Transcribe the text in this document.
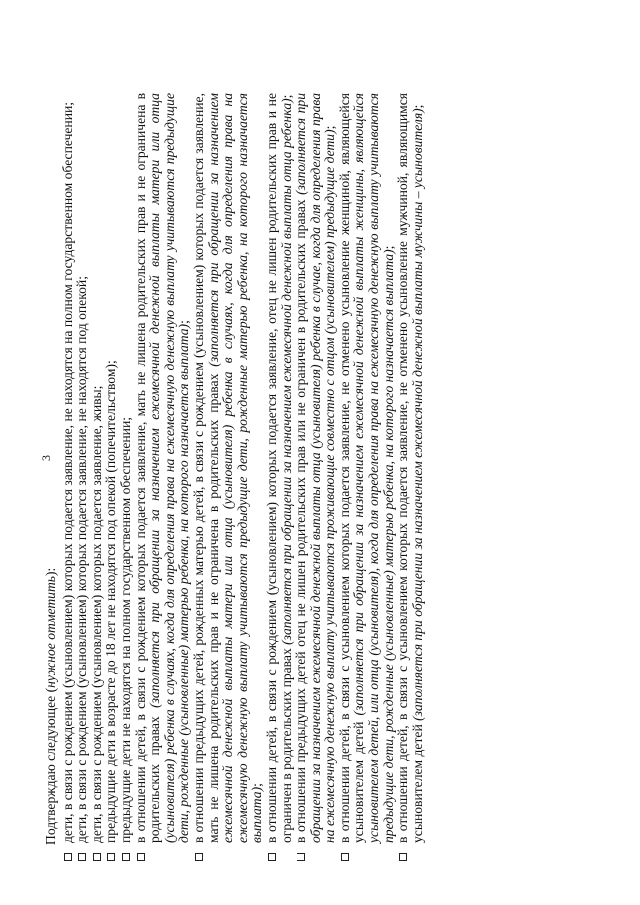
3

Подтверждаю следующее (нужное отметить): дети, в связи с рождением (усыновлением) которых подается заявление, не находятся на полном государственном обеспечении; дети, в связи с рождением (усыновлением) которых подается заявление, не находятся под опекой; дети, в связи с рождением (усыновлением) которых подается заявление, живы; предыдущие дети в возрасте до 18 лет не находятся под опекой (попечительством); предыдущие дети не находятся на полном государственном обеспечении; в отношении детей, в связи с рождением которых подается заявление, мать не лишена родительских прав и не ограничена в родительских правах (заполняется при обращении за назначением ежемесячной денежной выплаты матери или отца (усыновителя) ребенка в случаях, когда для определения права на ежемесячную денежную выплату учитываются предыдущие дети, рожденные (усыновленные) матерью ребенка, на которого назначается выплата); в отношении предыдущих детей, рожденных матерью детей, в связи с рождением (усыновлением) которых подается заявление, мать не лишена родительских прав и не ограничена в родительских правах (заполняется при обращении за назначением ежемесячной денежной выплаты матери или отца (усыновителя) ребенка в случаях, когда для определения права на ежемесячную денежную выплату учитываются предыдущие дети, рожденные матерью ребенка, на которого назначается выплата); в отношении детей, в связи с рождением (усыновлением) которых подается заявление, отец не лишен родительских прав и не ограничен в родительских правах (заполняется при обращении за назначением ежемесячной денежной выплаты отца ребенка);
в отношении предыдущих детей отец не лишен родительских прав или не ограничен в родительских правах (заполняется при обращении за назначением ежемесячной денежной выплаты отца (усыновителя) ребенка в случае, когда для определения права на ежемесячную денежную выплату учитываются проживающие совместно с отцом (усыновителем) предыдущие дети); в отношении детей, в связи с усыновлением которых подается заявление, не отменено усыновление женщиной, являющейся усыновителем детей (заполняется при обращении за назначением ежемесячной денежной выплаты женщины, являющейся усыновителем детей, или отца (усыновителя), когда для определения права на ежемесячную денежную выплату учитываются предыдущие дети, рожденные (усыновленные) матерью ребенка, на которого назначается выплата); в отношении детей, в связи с усыновлением которых подается заявление, не отменено усыновление мужчиной, являющимся усыновителем детей (заполняется при обращении за назначением ежемесячной денежной выплаты мужчины – усыновителя);
